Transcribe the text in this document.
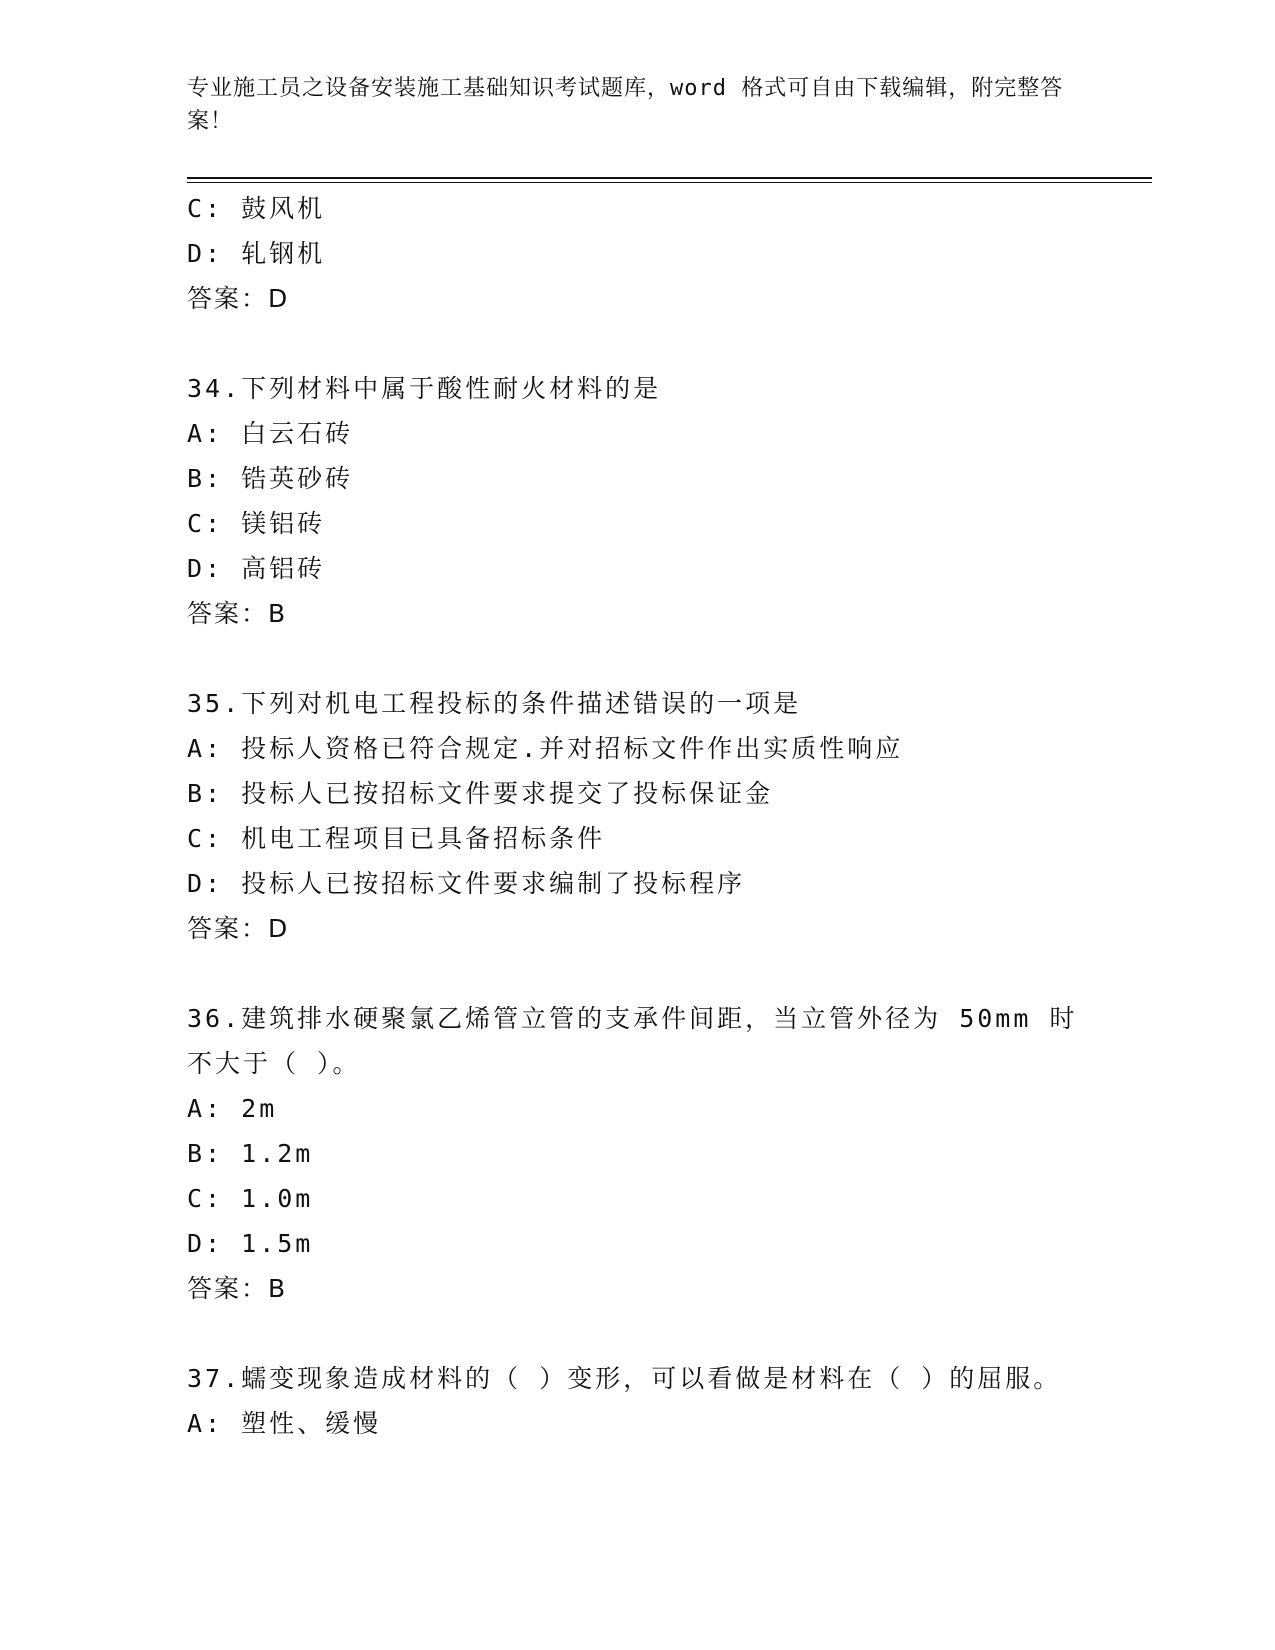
专业施工员之设备安装施工基础知识考试题库，word 格式可自由下载编辑，附完整答案！
C: 鼓风机
D: 轧钢机
答案：D
34.下列材料中属于酸性耐火材料的是
A: 白云石砖
B: 锆英砂砖
C: 镁铝砖
D: 高铝砖
答案：B
35.下列对机电工程投标的条件描述错误的一项是
A: 投标人资格已符合规定.并对招标文件作出实质性响应
B: 投标人已按招标文件要求提交了投标保证金
C: 机电工程项目已具备招标条件
D: 投标人已按招标文件要求编制了投标程序
答案：D
36.建筑排水硬聚氯乙烯管立管的支承件间距，当立管外径为 50mm 时
不大于（ ）。
A: 2m
B: 1.2m
C: 1.0m
D: 1.5m
答案：B
37.蠕变现象造成材料的（ ）变形，可以看做是材料在（ ）的屈服。
A: 塑性、缓慢
